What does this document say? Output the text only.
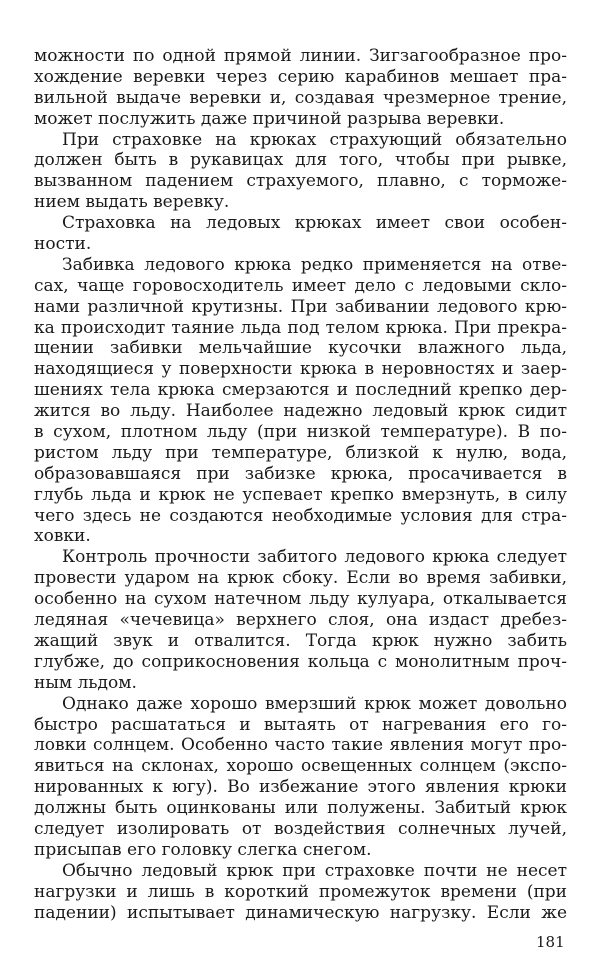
можности по одной прямой линии. Зигзагообразное про-
хождение веревки через серию карабинов мешает пра-
вильной выдаче веревки и, создавая чрезмерное трение,
может послужить даже причиной разрыва веревки.
При страховке на крюках страхующий обязательно
должен быть в рукавицах для того, чтобы при рывке,
вызванном падением страхуемого, плавно, с торможе-
нием выдать веревку.
Страховка на ледовых крюках имеет свои особен-
ности.
Забивка ледового крюка редко применяется на отве-
сах, чаще горовосходитель имеет дело с ледовыми скло-
нами различной крутизны. При забивании ледового крю-
ка происходит таяние льда под телом крюка. При прекра-
щении забивки мельчайшие кусочки влажного льда,
находящиеся у поверхности крюка в неровностях и заер-
шениях тела крюка смерзаются и последний крепко дер-
жится во льду. Наиболее надежно ледовый крюк сидит
в сухом, плотном льду (при низкой температуре). В по-
ристом льду при температуре, близкой к нулю, вода,
образовавшаяся при забизке крюка, просачивается в
глубь льда и крюк не успевает крепко вмерзнуть, в силу
чего здесь не создаются необходимые условия для стра-
ховки.
Контроль прочности забитого ледового крюка следует
провести ударом на крюк сбоку. Если во время забивки,
особенно на сухом натечном льду кулуара, откалывается
ледяная «чечевица» верхнего слоя, она издаст дребез-
жащий звук и отвалится. Тогда крюк нужно забить
глубже, до соприкосновения кольца с монолитным проч-
ным льдом.
Однако даже хорошо вмерзший крюк может довольно
быстро расшататься и вытаять от нагревания его го-
ловки солнцем. Особенно часто такие явления могут про-
явиться на склонах, хорошо освещенных солнцем (экспо-
нированных к югу). Во избежание этого явления крюки
должны быть оцинкованы или полужены. Забитый крюк
следует изолировать от воздействия солнечных лучей,
присыпав его головку слегка снегом.
Обычно ледовый крюк при страховке почти не несет
нагрузки и лишь в короткий промежуток времени (при
падении) испытывает динамическую нагрузку. Если же
181
